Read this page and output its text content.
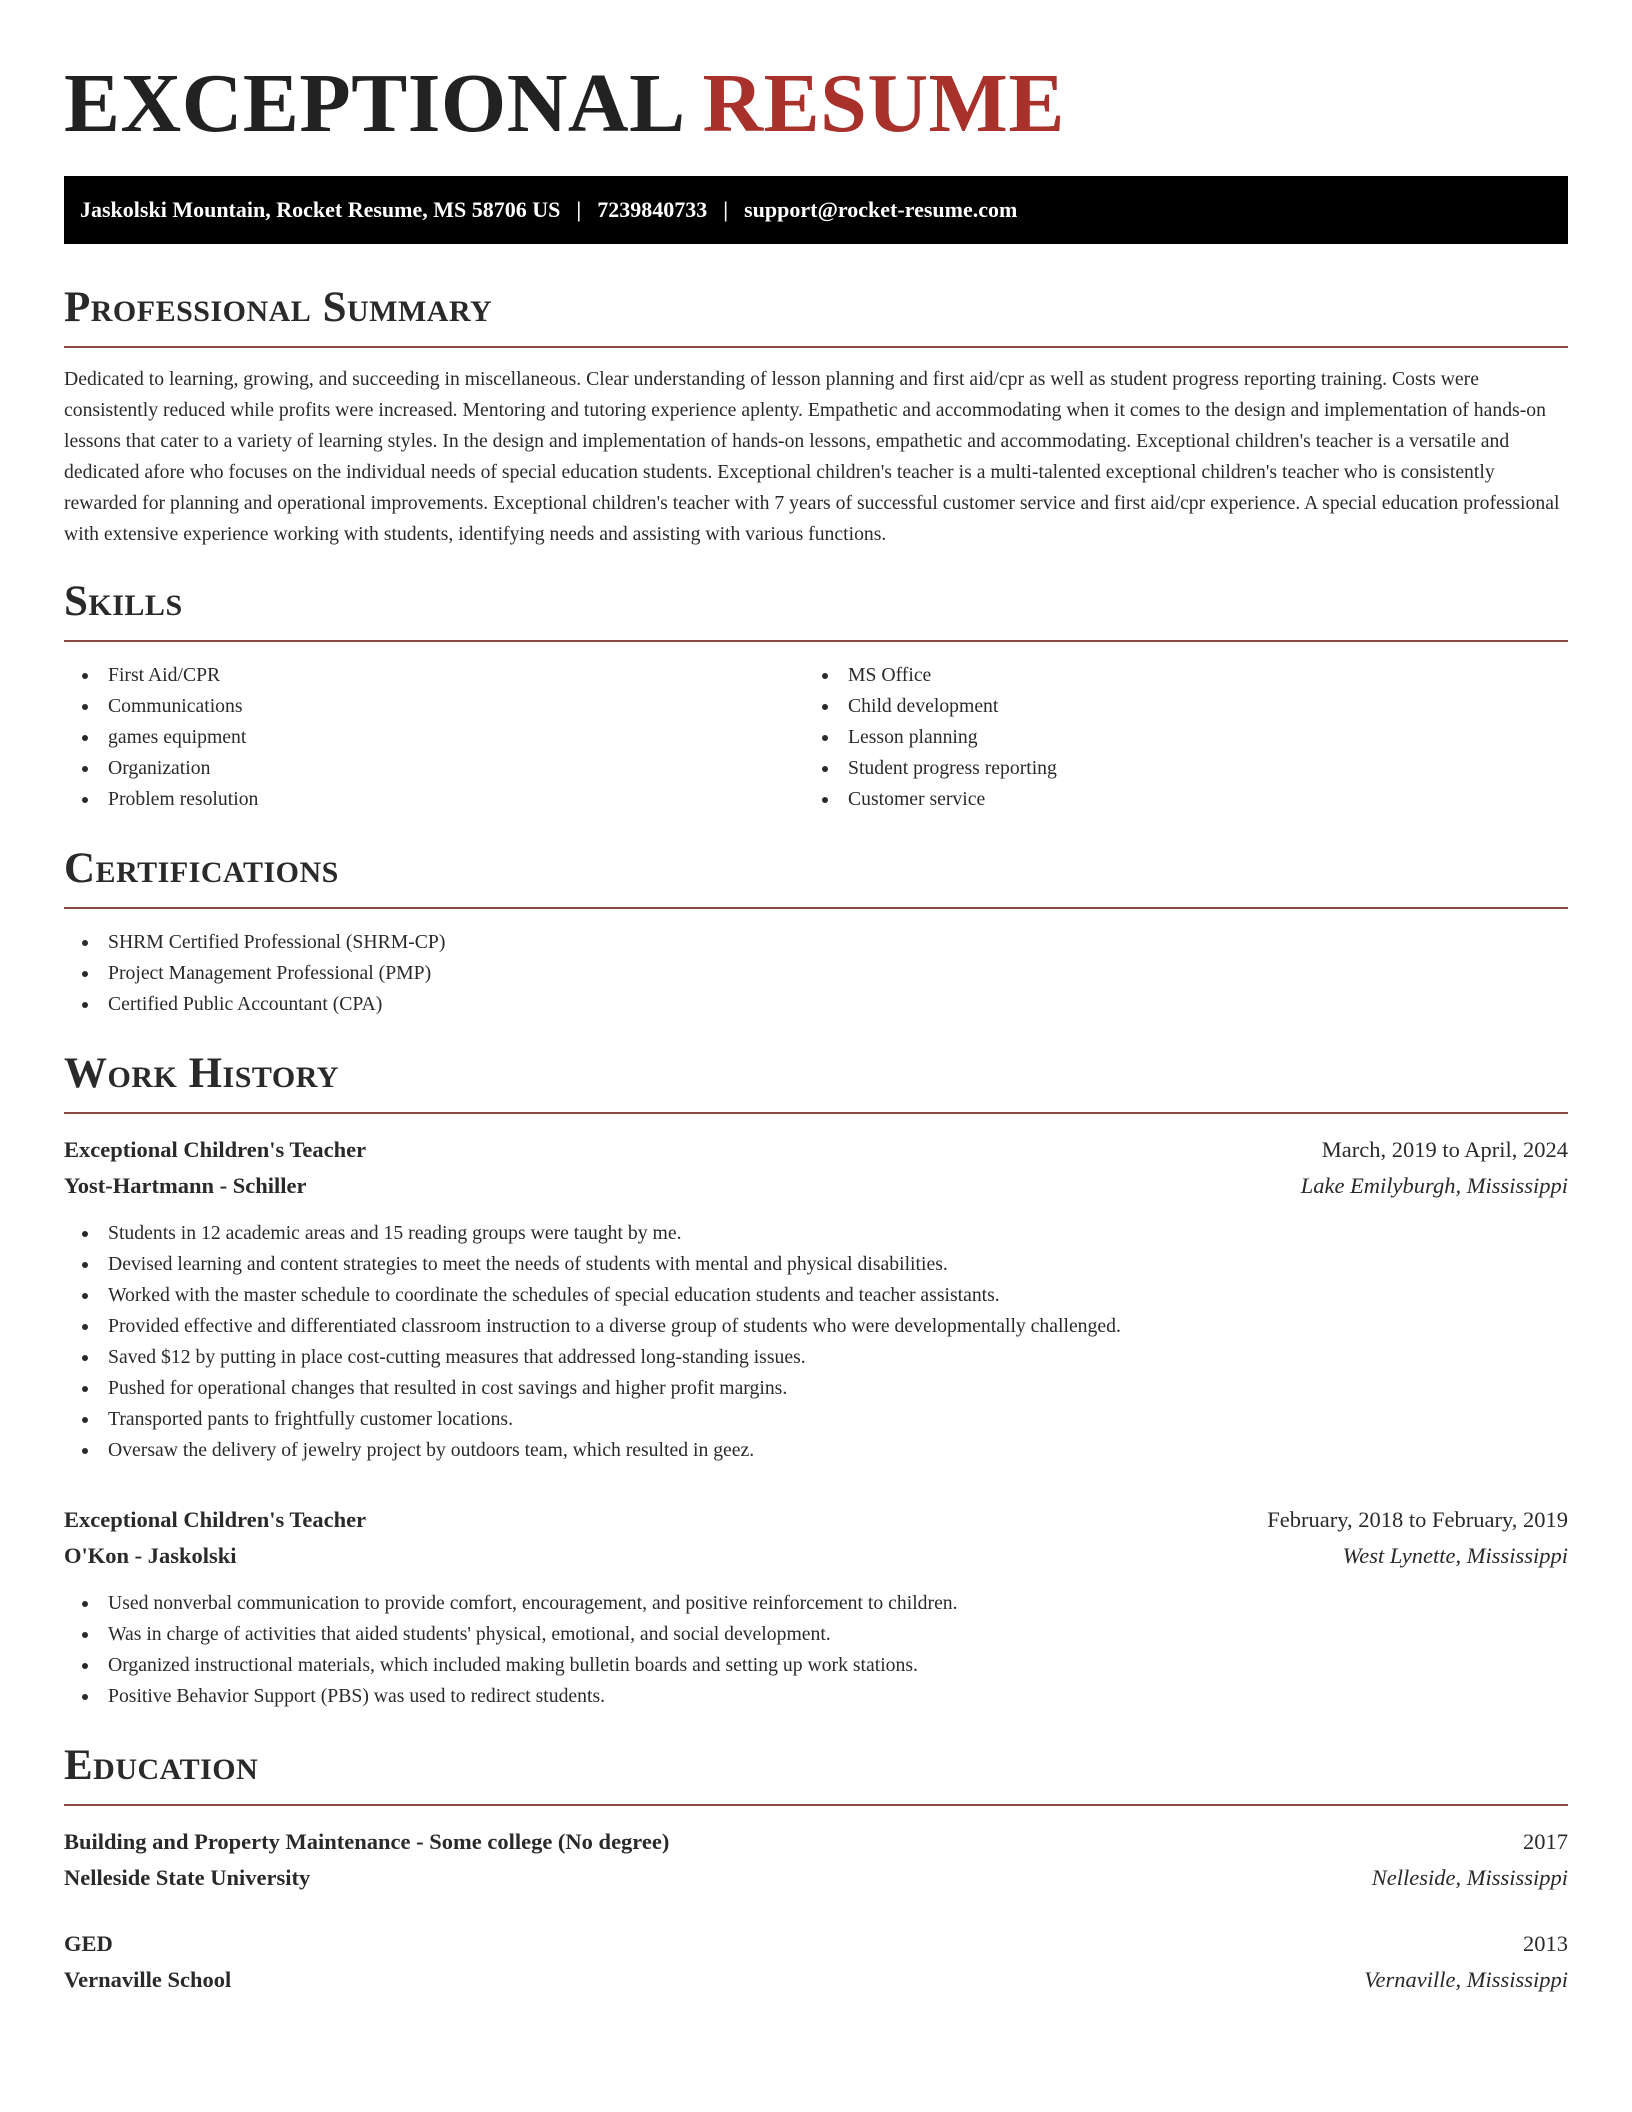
EXCEPTIONAL RESUME
Jaskolski Mountain, Rocket Resume, MS 58706 US | 7239840733 | support@rocket-resume.com
Professional Summary

Dedicated to learning, growing, and succeeding in miscellaneous. Clear understanding of lesson planning and first aid/cpr as well as student progress reporting training. Costs were consistently reduced while profits were increased. Mentoring and tutoring experience aplenty. Empathetic and accommodating when it comes to the design and implementation of hands-on lessons that cater to a variety of learning styles. In the design and implementation of hands-on lessons, empathetic and accommodating. Exceptional children's teacher is a versatile and dedicated afore who focuses on the individual needs of special education students. Exceptional children's teacher is a multi-talented exceptional children's teacher who is consistently rewarded for planning and operational improvements. Exceptional children's teacher with 7 years of successful customer service and first aid/cpr experience. A special education professional with extensive experience working with students, identifying needs and assisting with various functions.

Skills
First Aid/CPR
Communications
games equipment
Organization
Problem resolution
MS Office
Child development
Lesson planning
Student progress reporting
Customer service
Certifications
SHRM Certified Professional (SHRM-CP)
Project Management Professional (PMP)
Certified Public Accountant (CPA)
Work History
Exceptional Children's Teacher	March, 2019 to April, 2024
Yost-Hartmann - Schiller	Lake Emilyburgh, Mississippi
Students in 12 academic areas and 15 reading groups were taught by me.
Devised learning and content strategies to meet the needs of students with mental and physical disabilities.
Worked with the master schedule to coordinate the schedules of special education students and teacher assistants.
Provided effective and differentiated classroom instruction to a diverse group of students who were developmentally challenged.
Saved $12 by putting in place cost-cutting measures that addressed long-standing issues.
Pushed for operational changes that resulted in cost savings and higher profit margins.
Transported pants to frightfully customer locations.
Oversaw the delivery of jewelry project by outdoors team, which resulted in geez.
Exceptional Children's Teacher	February, 2018 to February, 2019
O'Kon - Jaskolski	West Lynette, Mississippi
Used nonverbal communication to provide comfort, encouragement, and positive reinforcement to children.
Was in charge of activities that aided students' physical, emotional, and social development.
Organized instructional materials, which included making bulletin boards and setting up work stations.
Positive Behavior Support (PBS) was used to redirect students.
Education
Building and Property Maintenance - Some college (No degree)	2017
Nelleside State University	Nelleside, Mississippi
GED	2013
Vernaville School	Vernaville, Mississippi
